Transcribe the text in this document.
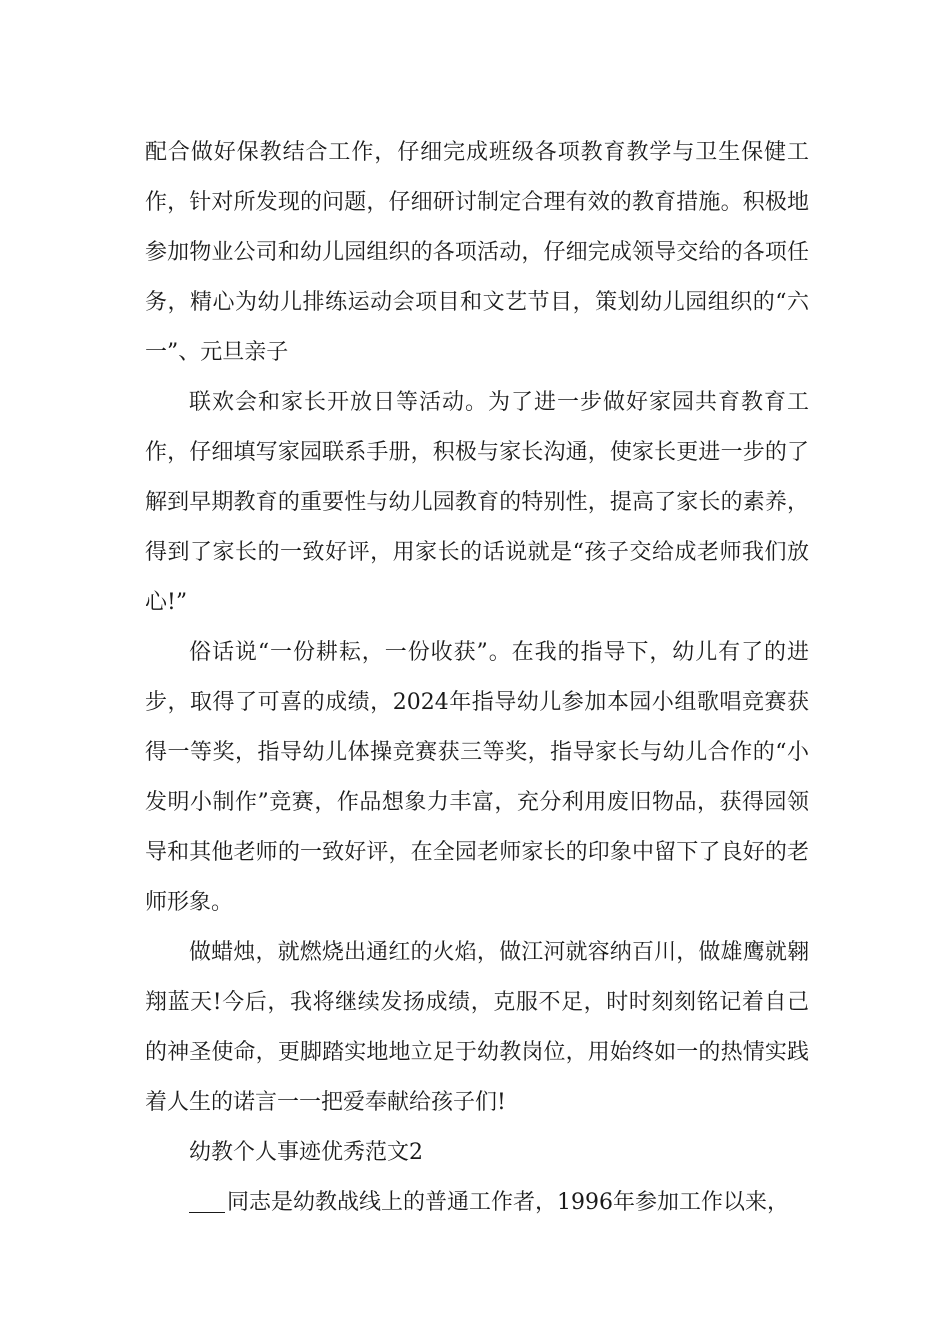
配合做好保教结合工作，仔细完成班级各项教育教学与卫生保健工作，针对所发现的问题，仔细研讨制定合理有效的教育措施。积极地参加物业公司和幼儿园组织的各项活动，仔细完成领导交给的各项任务，精心为幼儿排练运动会项目和文艺节目，策划幼儿园组织的“六一”、元旦亲子

联欢会和家长开放日等活动。为了进一步做好家园共育教育工作，仔细填写家园联系手册，积极与家长沟通，使家长更进一步的了解到早期教育的重要性与幼儿园教育的特别性，提高了家长的素养，得到了家长的一致好评，用家长的话说就是“孩子交给成老师我们放心!”

俗话说“一份耕耘，一份收获”。在我的指导下，幼儿有了的进步，取得了可喜的成绩，2024年指导幼儿参加本园小组歌唱竞赛获得一等奖，指导幼儿体操竞赛获三等奖，指导家长与幼儿合作的“小发明小制作”竞赛，作品想象力丰富，充分利用废旧物品，获得园领导和其他老师的一致好评，在全园老师家长的印象中留下了良好的老师形象。

做蜡烛，就燃烧出通红的火焰，做江河就容纳百川，做雄鹰就翱翔蓝天!今后，我将继续发扬成绩，克服不足，时时刻刻铭记着自己的神圣使命，更脚踏实地地立足于幼教岗位，用始终如一的热情实践着人生的诺言一一把爱奉献给孩子们!

幼教个人事迹优秀范文2

同志是幼教战线上的普通工作者，1996年参加工作以来，
